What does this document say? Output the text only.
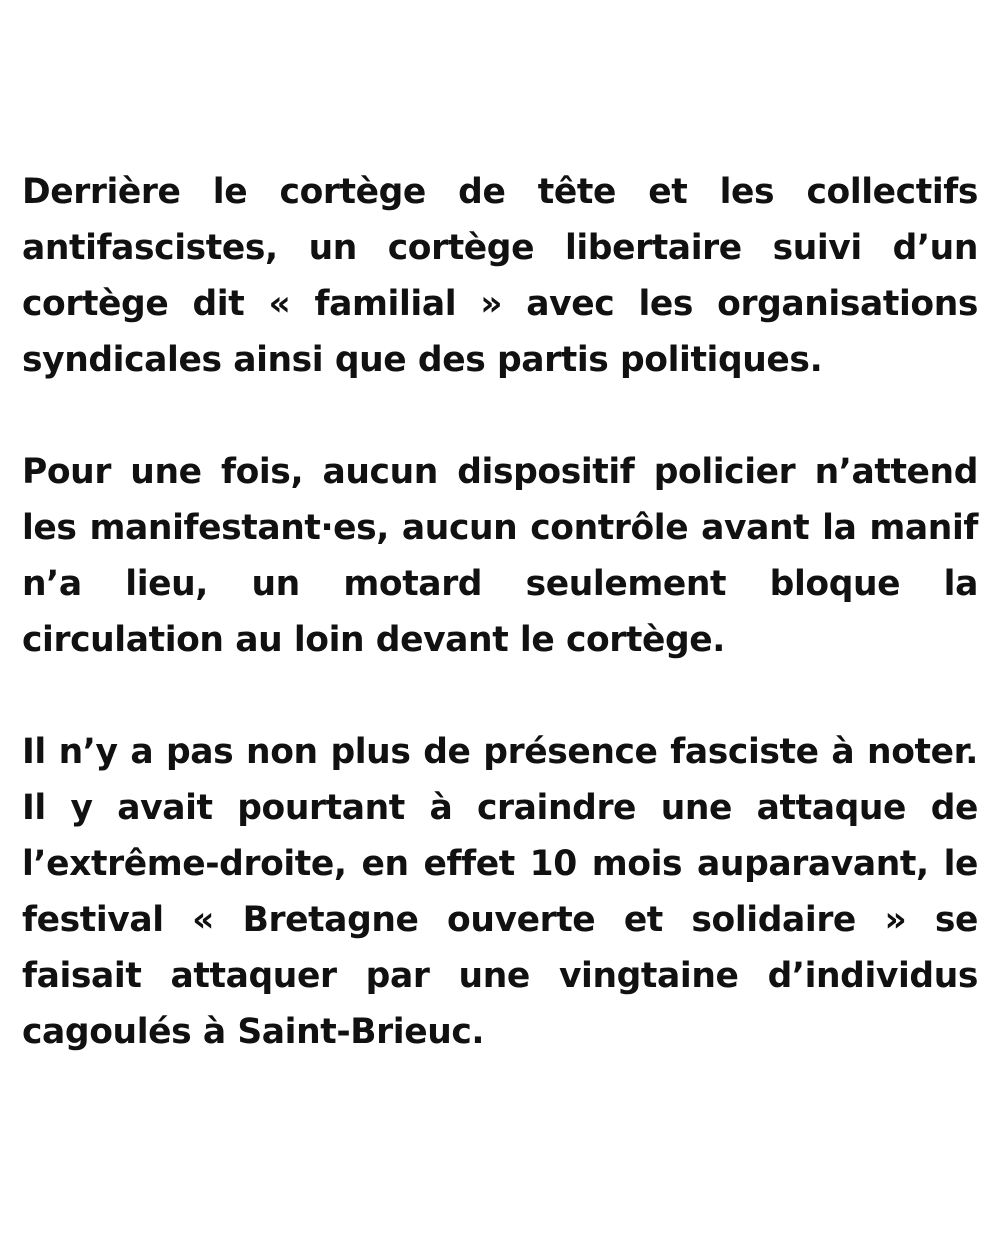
Derrière le cortège de tête et les collectifs antifascistes, un cortège libertaire suivi d’un cortège dit « familial » avec les organisations syndicales ainsi que des partis politiques.

Pour une fois, aucun dispositif policier n’attend les manifestant·es, aucun contrôle avant la manif n’a lieu, un motard seulement bloque la circulation au loin devant le cortège.

Il n’y a pas non plus de présence fasciste à noter. Il y avait pourtant à craindre une attaque de l’extrême-droite, en effet 10 mois auparavant, le festival « Bretagne ouverte et solidaire » se faisait attaquer par une vingtaine d’individus cagoulés à Saint-Brieuc.
